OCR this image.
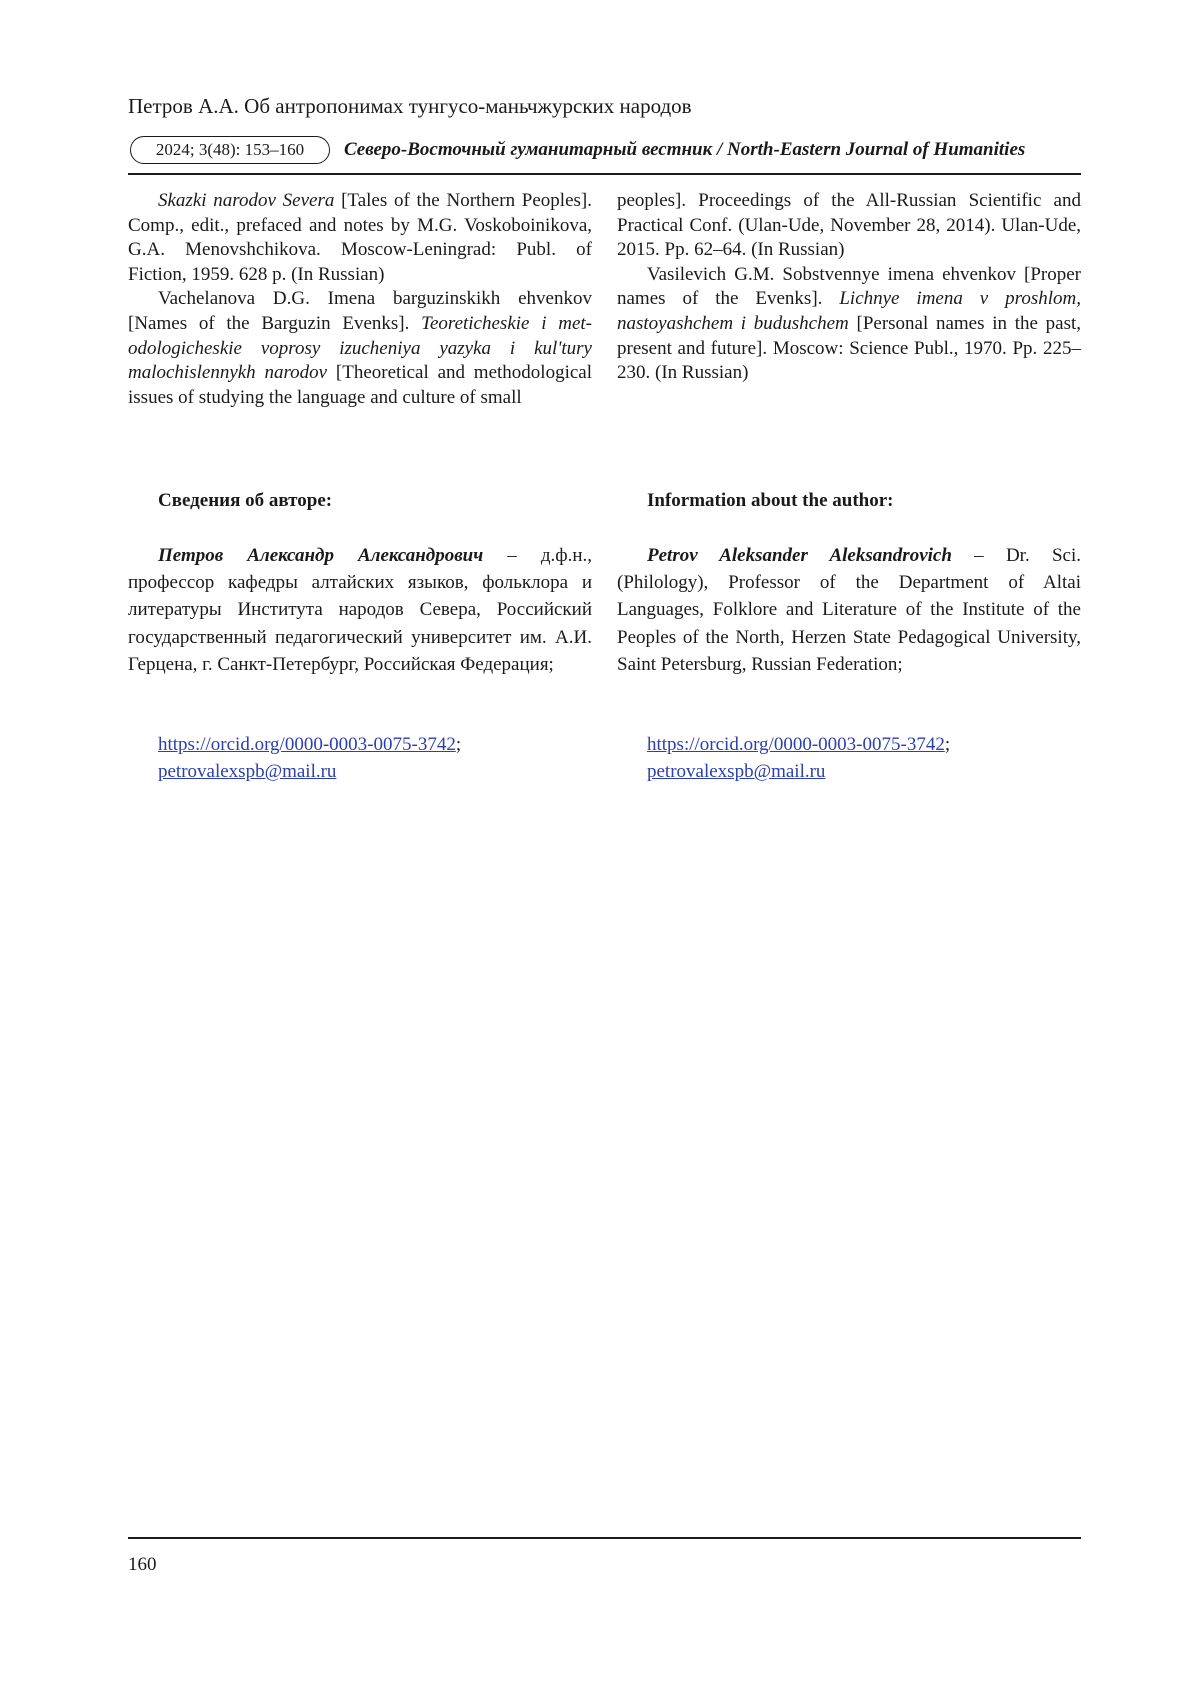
Петров А.А. Об антропонимах тунгусо-маньчжурских народов
2024; 3(48): 153–160	Северо-Восточный гуманитарный вестник / North-Eastern Journal of Humanities

Skazki narodov Severa [Tales of the Northern Peoples]. Comp., edit., prefaced and notes by M.G. Voskoboinikova, G.A. Menovshchikova. Moscow-Leningrad: Publ. of Fiction, 1959. 628 p. (In Russian)

Vachelanova D.G. Imena barguzinskikh ehvenkov [Names of the Barguzin Evenks]. Teoreticheskie i metodologicheskie voprosy izucheniya yazyka i kul'tury malochislennykh narodov [Theoretical and methodological issues of studying the language and culture of small

peoples]. Proceedings of the All-Russian Scientific and Practical Conf. (Ulan-Ude, November 28, 2014). Ulan-Ude, 2015. Pp. 62–64. (In Russian)

Vasilevich G.M. Sobstvennye imena ehvenkov [Proper names of the Evenks]. Lichnye imena v proshlom, nastoyashchem i budushchem [Personal names in the past, present and future]. Moscow: Science Publ., 1970. Pp. 225–230. (In Russian)

Сведения об авторе:

Петров Александр Александрович – д.ф.н., профессор кафедры алтайских языков, фольклора и литературы Института народов Севера, Российский государственный педагогический университет им. А.И. Герцена, г. Санкт-Петербург, Российская Федерация;

Information about the author:

Petrov Aleksander Aleksandrovich – Dr. Sci. (Philology), Professor of the Department of Altai Languages, Folklore and Literature of the Institute of the Peoples of the North, Herzen State Pedagogical University, Saint Petersburg, Russian Federation;

https://orcid.org/0000-0003-0075-3742;
petrovalexspb@mail.ru
https://orcid.org/0000-0003-0075-3742;
petrovalexspb@mail.ru
160
